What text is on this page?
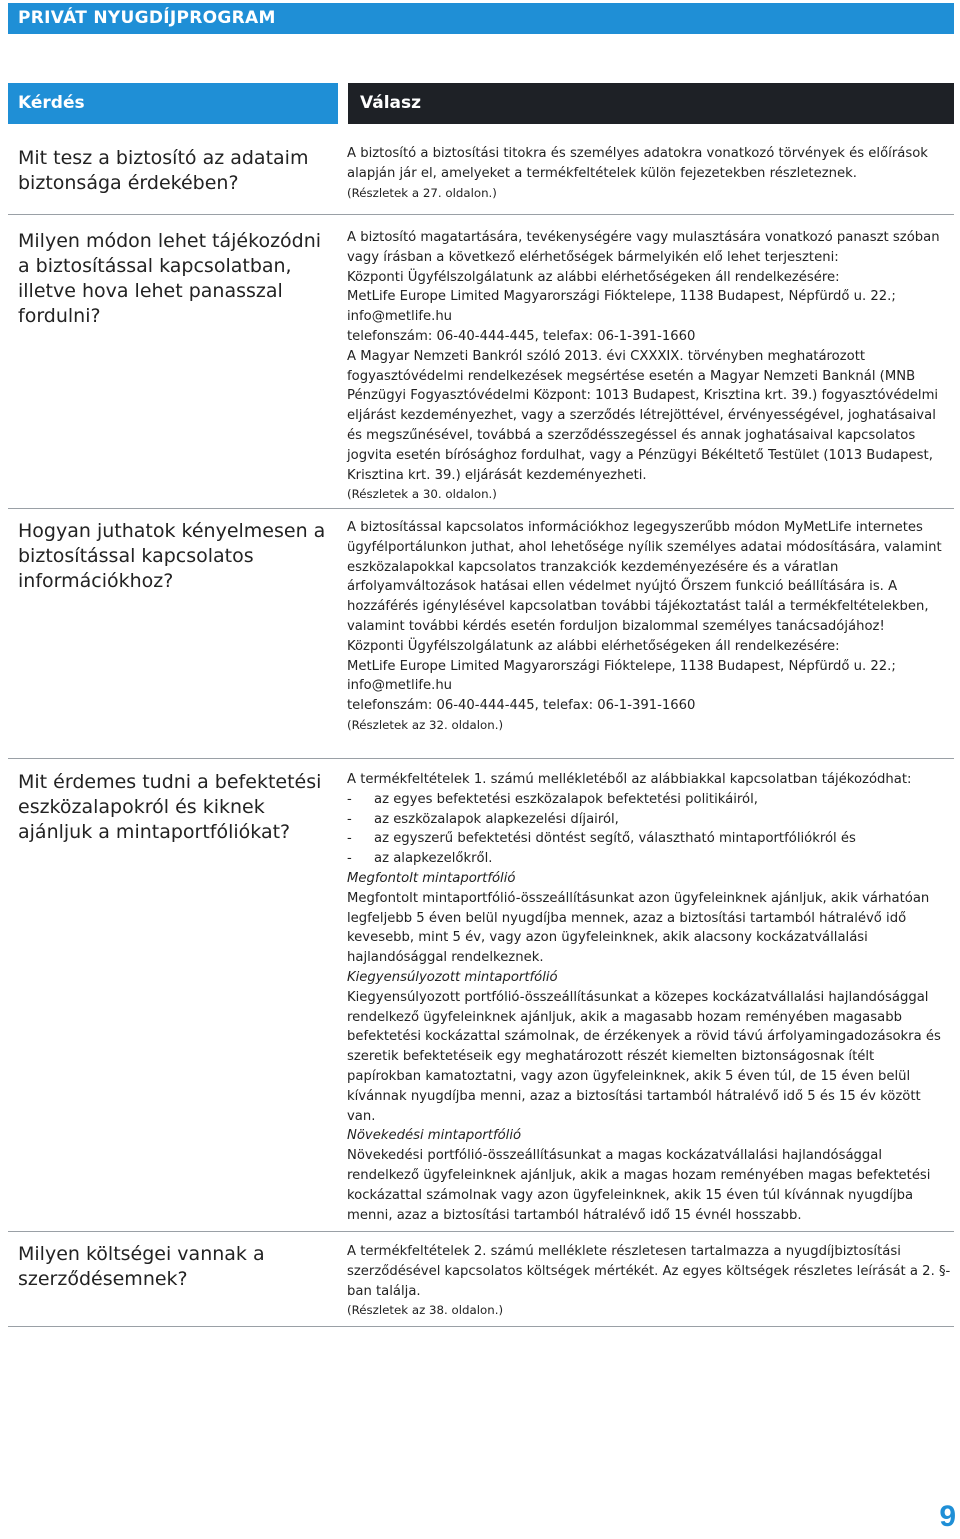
PRIVÁT NYUGDÍJPROGRAM
Kérdés	Válasz
Mit tesz a biztosító az adataim biztonsága érdekében?

A biztosító a biztosítási titokra és személyes adatokra vonatkozó törvények és előírások alapján jár el, amelyeket a termékfeltételek külön fejezetekben részleteznek.

(Részletek a 27. oldalon.)

Milyen módon lehet tájékozódni a biztosítással kapcsolatban, illetve hova lehet panasszal fordulni?

A biztosító magatartására, tevékenységére vagy mulasztására vonatkozó panaszt szóban vagy írásban a következő elérhetőségek bármelyikén elő lehet terjeszteni:

Központi Ügyfélszolgálatunk az alábbi elérhetőségeken áll rendelkezésére:

MetLife Europe Limited Magyarországi Fióktelepe, 1138 Budapest, Népfürdő u. 22.; info@metlife.hu

telefonszám: 06-40-444-445, telefax: 06-1-391-1660

A Magyar Nemzeti Bankról szóló 2013. évi CXXXIX. törvényben meghatározott fogyasztóvédelmi rendelkezések megsértése esetén a Magyar Nemzeti Banknál (MNB Pénzügyi Fogyasztóvédelmi Központ: 1013 Budapest, Krisztina krt. 39.) fogyasztóvédelmi eljárást kezdeményezhet, vagy a szerződés létrejöttével, érvényességével, joghatásaival és megszűnésével, továbbá a szerződésszegéssel és annak joghatásaival kapcsolatos jogvita esetén bírósághoz fordulhat, vagy a Pénzügyi Békéltető Testület (1013 Budapest, Krisztina krt. 39.) eljárását kezdeményezheti.

(Részletek a 30. oldalon.)

Hogyan juthatok kényelmesen a biztosítással kapcsolatos információkhoz?

A biztosítással kapcsolatos információkhoz legegyszerűbb módon MyMetLife internetes ügyfélportálunkon juthat, ahol lehetősége nyílik személyes adatai módosítására, valamint eszközalapokkal kapcsolatos tranzakciók kezdeményezésére és a váratlan árfolyamváltozások hatásai ellen védelmet nyújtó Őrszem funkció beállítására is. A hozzáférés igénylésével kapcsolatban további tájékoztatást talál a termékfeltételekben, valamint további kérdés esetén forduljon bizalommal személyes tanácsadójához!

Központi Ügyfélszolgálatunk az alábbi elérhetőségeken áll rendelkezésére:

MetLife Europe Limited Magyarországi Fióktelepe, 1138 Budapest, Népfürdő u. 22.; info@metlife.hu

telefonszám: 06-40-444-445, telefax: 06-1-391-1660

(Részletek az 32. oldalon.)

Mit érdemes tudni a befektetési eszközalapokról és kiknek ajánljuk a mintaportfóliókat?

A termékfeltételek 1. számú mellékletéből az alábbiakkal kapcsolatban tájékozódhat:

- az egyes befektetési eszközalapok befektetési politikáiról,
- az eszközalapok alapkezelési díjairól,
- az egyszerű befektetési döntést segítő, választható mintaportfóliókról és
- az alapkezelőkről.

Megfontolt mintaportfólió

Megfontolt mintaportfólió-összeállításunkat azon ügyfeleinknek ajánljuk, akik várhatóan legfeljebb 5 éven belül nyugdíjba mennek, azaz a biztosítási tartamból hátralévő idő kevesebb, mint 5 év, vagy azon ügyfeleinknek, akik alacsony kockázatvállalási hajlandósággal rendelkeznek.

Kiegyensúlyozott mintaportfólió

Kiegyensúlyozott portfólió-összeállításunkat a közepes kockázatvállalási hajlandósággal rendelkező ügyfeleinknek ajánljuk, akik a magasabb hozam reményében magasabb befektetési kockázattal számolnak, de érzékenyek a rövid távú árfolyamingadozásokra és szeretik befektetéseik egy meghatározott részét kiemelten biztonságosnak ítélt papírokban kamatoztatni, vagy azon ügyfeleinknek, akik 5 éven túl, de 15 éven belül kívánnak nyugdíjba menni, azaz a biztosítási tartamból hátralévő idő 5 és 15 év között van.

Növekedési mintaportfólió

Növekedési portfólió-összeállításunkat a magas kockázatvállalási hajlandósággal rendelkező ügyfeleinknek ajánljuk, akik a magas hozam reményében magas befektetési kockázattal számolnak vagy azon ügyfeleinknek, akik 15 éven túl kívánnak nyugdíjba menni, azaz a biztosítási tartamból hátralévő idő 15 évnél hosszabb.

Milyen költségei vannak a szerződésemnek?

A termékfeltételek 2. számú melléklete részletesen tartalmazza a nyugdíjbiztosítási szerződésével kapcsolatos költségek mértékét. Az egyes költségek részletes leírását a 2. §-ban találja.

(Részletek az 38. oldalon.)

9
